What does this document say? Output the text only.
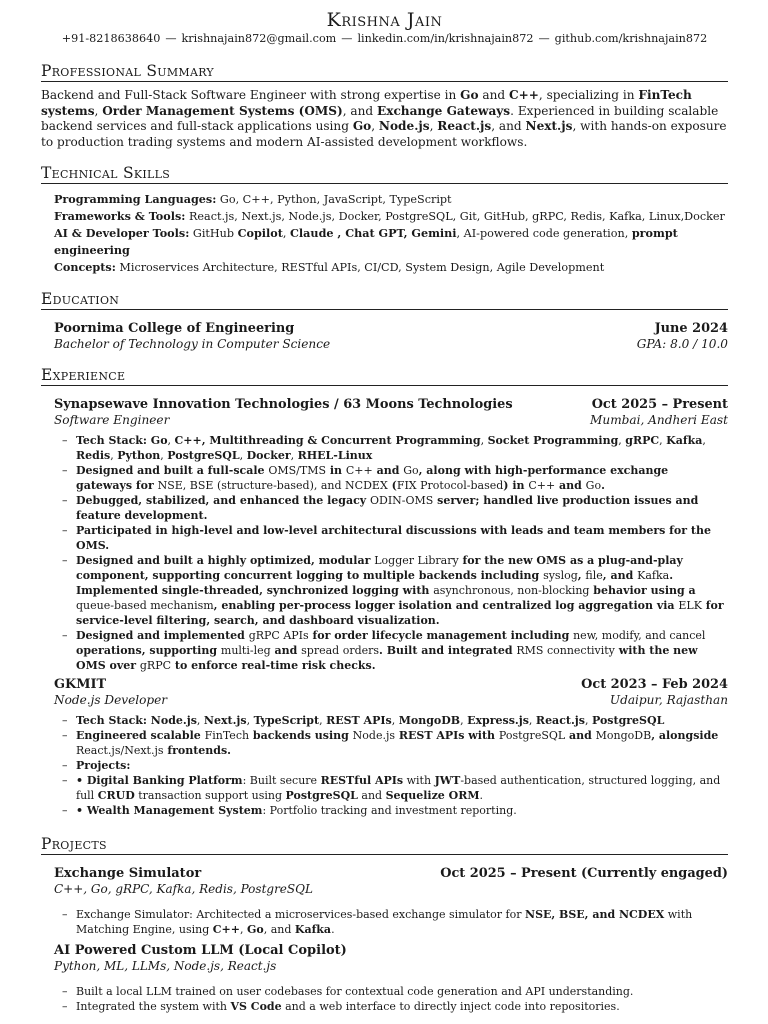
Krishna Jain
+91-8218638640 — krishnajain872@gmail.com — linkedin.com/in/krishnajain872 — github.com/krishnajain872
Professional Summary
Backend and Full-Stack Software Engineer with strong expertise in Go and C++, specializing in FinTech systems, Order Management Systems (OMS), and Exchange Gateways. Experienced in building scalable backend services and full-stack applications using Go, Node.js, React.js, and Next.js, with hands-on exposure to production trading systems and modern AI-assisted development workflows.
Technical Skills
Programming Languages: Go, C++, Python, JavaScript, TypeScript
Frameworks & Tools: React.js, Next.js, Node.js, Docker, PostgreSQL, Git, GitHub, gRPC, Redis, Kafka, Linux,Docker
AI & Developer Tools: GitHub Copilot, Claude , Chat GPT, Gemini, AI-powered code generation, prompt engineering
Concepts: Microservices Architecture, RESTful APIs, CI/CD, System Design, Agile Development
Education
Poornima College of Engineering	June 2024
Bachelor of Technology in Computer Science	GPA: 8.0 / 10.0
Experience
Synapsewave Innovation Technologies / 63 Moons Technologies	Oct 2025 – Present
Software Engineer	Mumbai, Andheri East
– Tech Stack: Go, C++, Multithreading & Concurrent Programming, Socket Programming, gRPC, Kafka, Redis, Python, PostgreSQL, Docker, RHEL-Linux
– Designed and built a full-scale OMS/TMS in C++ and Go, along with high-performance exchange gateways for NSE, BSE (structure-based), and NCDEX (FIX Protocol-based) in C++ and Go.
– Debugged, stabilized, and enhanced the legacy ODIN-OMS server; handled live production issues and feature development.
– Participated in high-level and low-level architectural discussions with leads and team members for the OMS.
– Designed and built a highly optimized, modular Logger Library for the new OMS as a plug-and-play component, supporting concurrent logging to multiple backends including syslog, file, and Kafka. Implemented single-threaded, synchronized logging with asynchronous, non-blocking behavior using a queue-based mechanism, enabling per-process logger isolation and centralized log aggregation via ELK for service-level filtering, search, and dashboard visualization.
– Designed and implemented gRPC APIs for order lifecycle management including new, modify, and cancel operations, supporting multi-leg and spread orders. Built and integrated RMS connectivity with the new OMS over gRPC to enforce real-time risk checks.
GKMIT	Oct 2023 – Feb 2024
Node.js Developer	Udaipur, Rajasthan
– Tech Stack: Node.js, Next.js, TypeScript, REST APIs, MongoDB, Express.js, React.js, PostgreSQL
– Engineered scalable FinTech backends using Node.js REST APIs with PostgreSQL and MongoDB, alongside React.js/Next.js frontends.
– Projects:
– • Digital Banking Platform: Built secure RESTful APIs with JWT-based authentication, structured logging, and full CRUD transaction support using PostgreSQL and Sequelize ORM.
– • Wealth Management System: Portfolio tracking and investment reporting.
Projects
Exchange Simulator	Oct 2025 – Present (Currently engaged)
C++, Go, gRPC, Kafka, Redis, PostgreSQL
– Exchange Simulator: Architected a microservices-based exchange simulator for NSE, BSE, and NCDEX with Matching Engine, using C++, Go, and Kafka.
AI Powered Custom LLM (Local Copilot)
Python, ML, LLMs, Node.js, React.js
– Built a local LLM trained on user codebases for contextual code generation and API understanding.
– Integrated the system with VS Code and a web interface to directly inject code into repositories.
